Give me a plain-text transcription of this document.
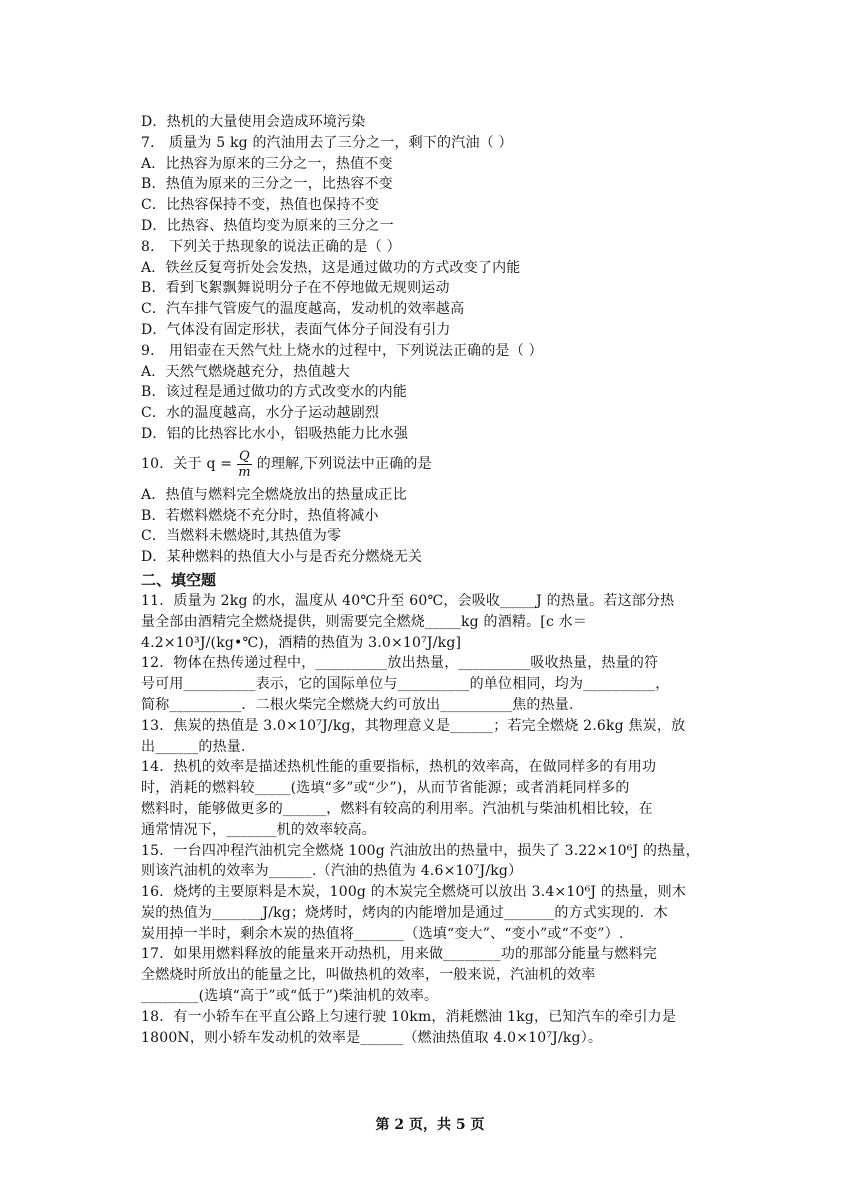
D．热机的大量使用会造成环境污染
7． 质量为 5 kg 的汽油用去了三分之一，剩下的汽油（ ）
A．比热容为原来的三分之一，热值不变
B．热值为原来的三分之一，比热容不变
C．比热容保持不变，热值也保持不变
D．比热容、热值均变为原来的三分之一
8． 下列关于热现象的说法正确的是（ ）
A．铁丝反复弯折处会发热，这是通过做功的方式改变了内能
B．看到飞絮飘舞说明分子在不停地做无规则运动
C．汽车排气管废气的温度越高，发动机的效率越高
D．气体没有固定形状，表面气体分子间没有引力
9． 用铝壶在天然气灶上烧水的过程中，下列说法正确的是（ ）
A．天然气燃烧越充分，热值越大
B．该过程是通过做功的方式改变水的内能
C．水的温度越高，水分子运动越剧烈
D．铝的比热容比水小，铝吸热能力比水强
10．关于 $q = \frac{Q}{m}$ 的理解,下列说法中正确的是
A．热值与燃料完全燃烧放出的热量成正比
B．若燃料燃烧不充分时，热值将减小
C．当燃料未燃烧时,其热值为零
D．某种燃料的热值大小与是否充分燃烧无关
二、填空题
11．质量为 2kg 的水，温度从 40℃升至 60℃，会吸收_____J 的热量。若这部分热
量全部由酒精完全燃烧提供，则需要完全燃烧_____kg 的酒精。[c 水＝
4.2×10³J/(kg•℃)，酒精的热值为 3.0×10⁷J/kg]
12．物体在热传递过程中，__________放出热量，__________吸收热量，热量的符
号可用__________表示，它的国际单位与__________的单位相同，均为__________，
简称__________．二根火柴完全燃烧大约可放出__________焦的热量.
13．焦炭的热值是 3.0×10⁷J/kg，其物理意义是______；若完全燃烧 2.6kg 焦炭，放
出______的热量.
14．热机的效率是描述热机性能的重要指标，热机的效率高，在做同样多的有用功
时，消耗的燃料较_____(选填“多”或“少”)，从而节省能源；或者消耗同样多的
燃料时，能够做更多的______，燃料有较高的利用率。汽油机与柴油机相比较，在
通常情况下，_______机的效率较高。
15．一台四冲程汽油机完全燃烧 100g 汽油放出的热量中，损失了 3.22×10⁶J 的热量，
则该汽油机的效率为______.（汽油的热值为 4.6×10⁷J/kg）
16．烧烤的主要原料是木炭，100g 的木炭完全燃烧可以放出 3.4×10⁶J 的热量，则木
炭的热值为_______J/kg；烧烤时，烤肉的内能增加是通过_______的方式实现的．木
炭用掉一半时，剩余木炭的热值将_______（选填“变大”、“变小”或“不变”）.
17．如果用燃料释放的能量来开动热机，用来做________功的那部分能量与燃料完
全燃烧时所放出的能量之比，叫做热机的效率，一般来说，汽油机的效率
________(选填“高于”或“低于”)柴油机的效率。
18．有一小轿车在平直公路上匀速行驶 10km，消耗燃油 1kg，已知汽车的牵引力是
1800N，则小轿车发动机的效率是______（燃油热值取 4.0×10⁷J/kg）。
第 2 页，共 5 页
